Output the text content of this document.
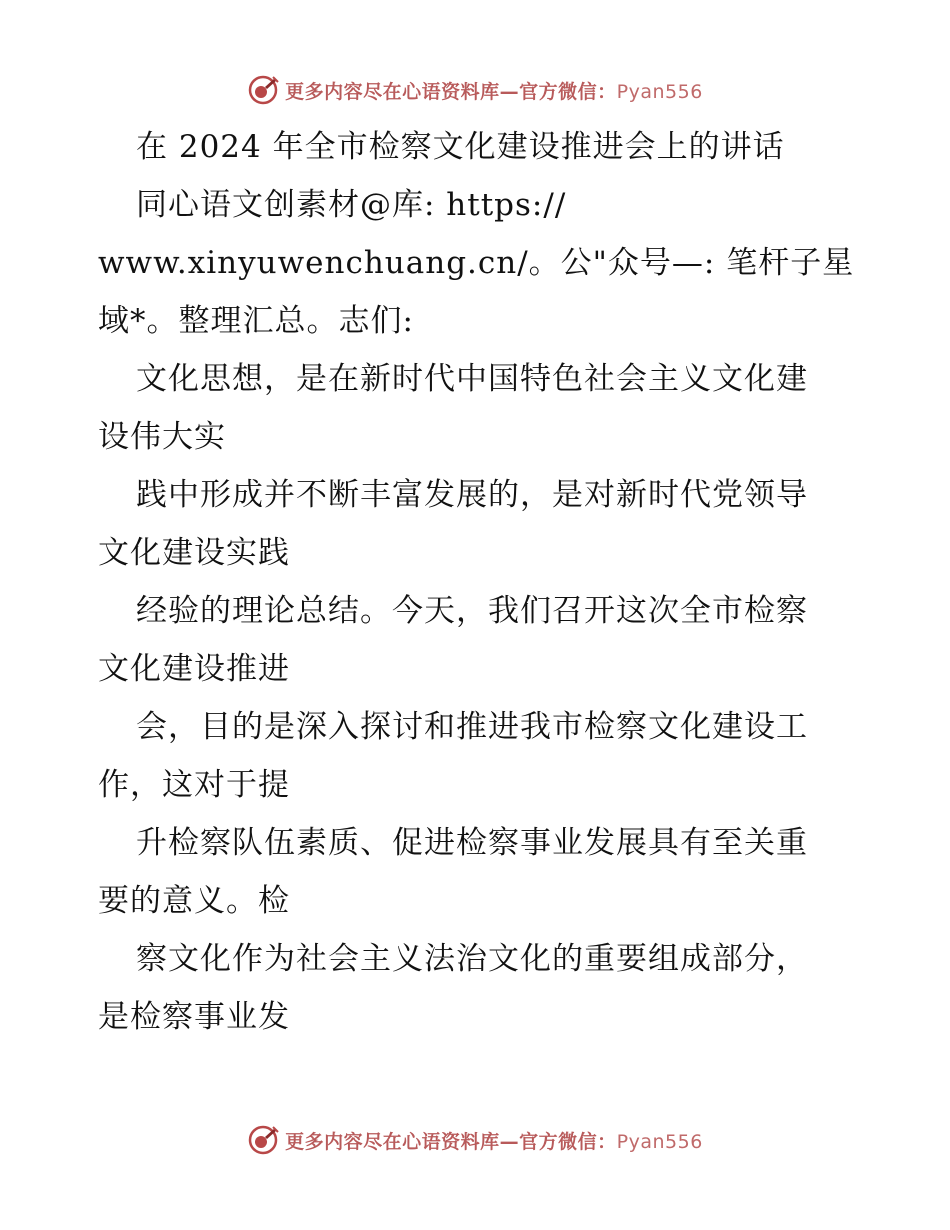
更多内容尽在心语资料库—官方微信：Pyan556
在 2024 年全市检察文化建设推进会上的讲话
同心语文创素材@库: https://
www.xinyuwenchuang.cn/。公"众号—: 笔杆子星
域*。整理汇总。志们:
文化思想，是在新时代中国特色社会主义文化建
设伟大实
践中形成并不断丰富发展的，是对新时代党领导
文化建设实践
经验的理论总结。今天，我们召开这次全市检察
文化建设推进
会，目的是深入探讨和推进我市检察文化建设工
作，这对于提
升检察队伍素质、促进检察事业发展具有至关重
要的意义。检
察文化作为社会主义法治文化的重要组成部分，
是检察事业发
更多内容尽在心语资料库—官方微信：Pyan556
